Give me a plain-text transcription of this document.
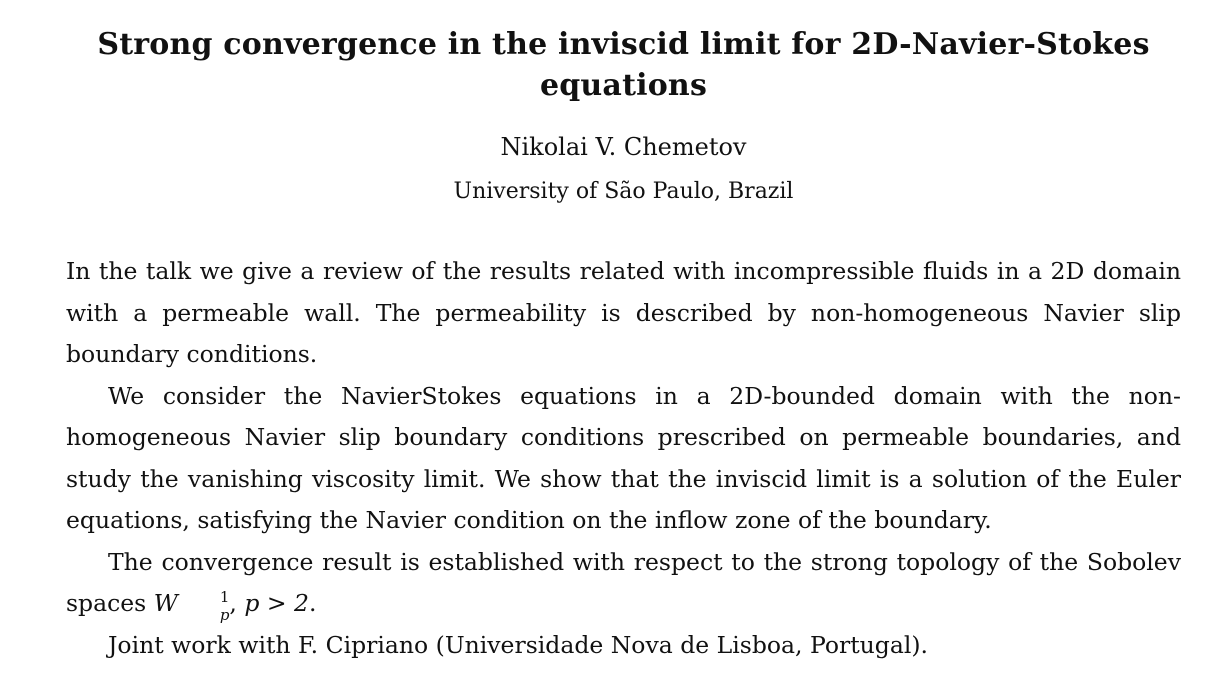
Strong convergence in the inviscid limit for 2D-Navier-Stokes equations
Nikolai V. Chemetov
University of São Paulo, Brazil

In the talk we give a review of the results related with incompressible fluids in a 2D domain with a permeable wall. The permeability is described by non-homogeneous Navier slip boundary conditions.

We consider the NavierStokes equations in a 2D-bounded domain with the non-homogeneous Navier slip boundary conditions prescribed on permeable boundaries, and study the vanishing viscosity limit. We show that the inviscid limit is a solution of the Euler equations, satisfying the Navier condition on the inflow zone of the boundary.

The convergence result is established with respect to the strong topology of the Sobolev spaces W	$^1$
p , p > 2.

Joint work with F. Cipriano (Universidade Nova de Lisboa, Portugal).
